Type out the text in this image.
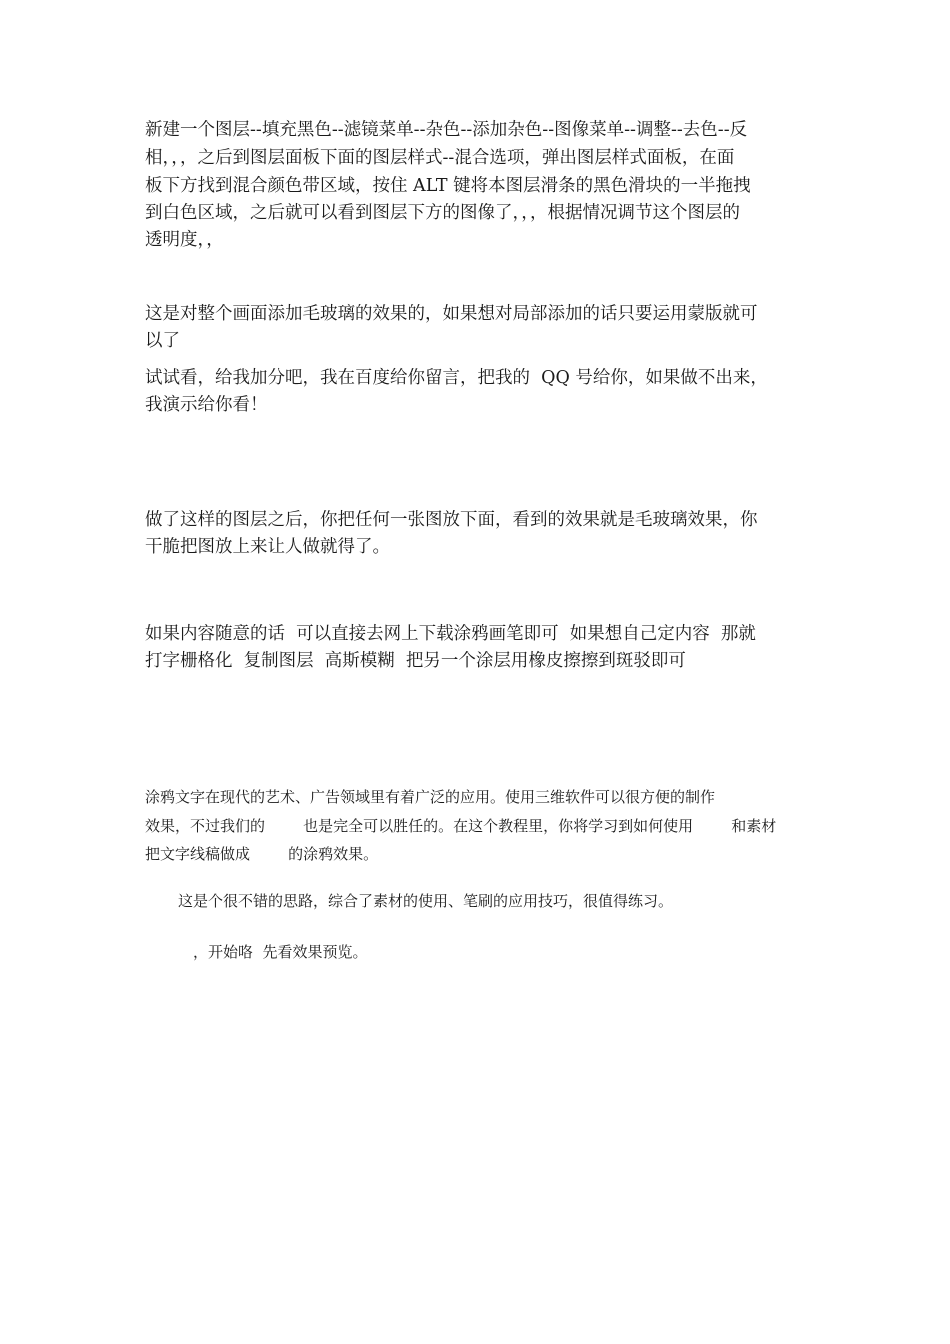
新建一个图层--填充黑色--滤镜菜单--杂色--添加杂色--图像菜单--调整--去色--反
相，，，之后到图层面板下面的图层样式--混合选项，弹出图层样式面板，在面
板下方找到混合颜色带区域，按住 ALT 键将本图层滑条的黑色滑块的一半拖拽
到白色区域，之后就可以看到图层下方的图像了，，，根据情况调节这个图层的
透明度，，
这是对整个画面添加毛玻璃的效果的，如果想对局部添加的话只要运用蒙版就可
以了
试试看，给我加分吧，我在百度给你留言，把我的  QQ 号给你，如果做不出来，
我演示给你看！
做了这样的图层之后，你把任何一张图放下面，看到的效果就是毛玻璃效果，你
干脆把图放上来让人做就得了。
如果内容随意的话  可以直接去网上下载涂鸦画笔即可  如果想自己定内容  那就
打字栅格化  复制图层  高斯模糊  把另一个涂层用橡皮擦擦到斑驳即可
涂鸦文字在现代的艺术、广告领域里有着广泛的应用。使用三维软件可以很方便的制作
效果，不过我们的        也是完全可以胜任的。在这个教程里，你将学习到如何使用        和素材
把文字线稿做成        的涂鸦效果。
这是个很不错的思路，综合了素材的使用、笔刷的应用技巧，很值得练习。
，开始咯  先看效果预览。
